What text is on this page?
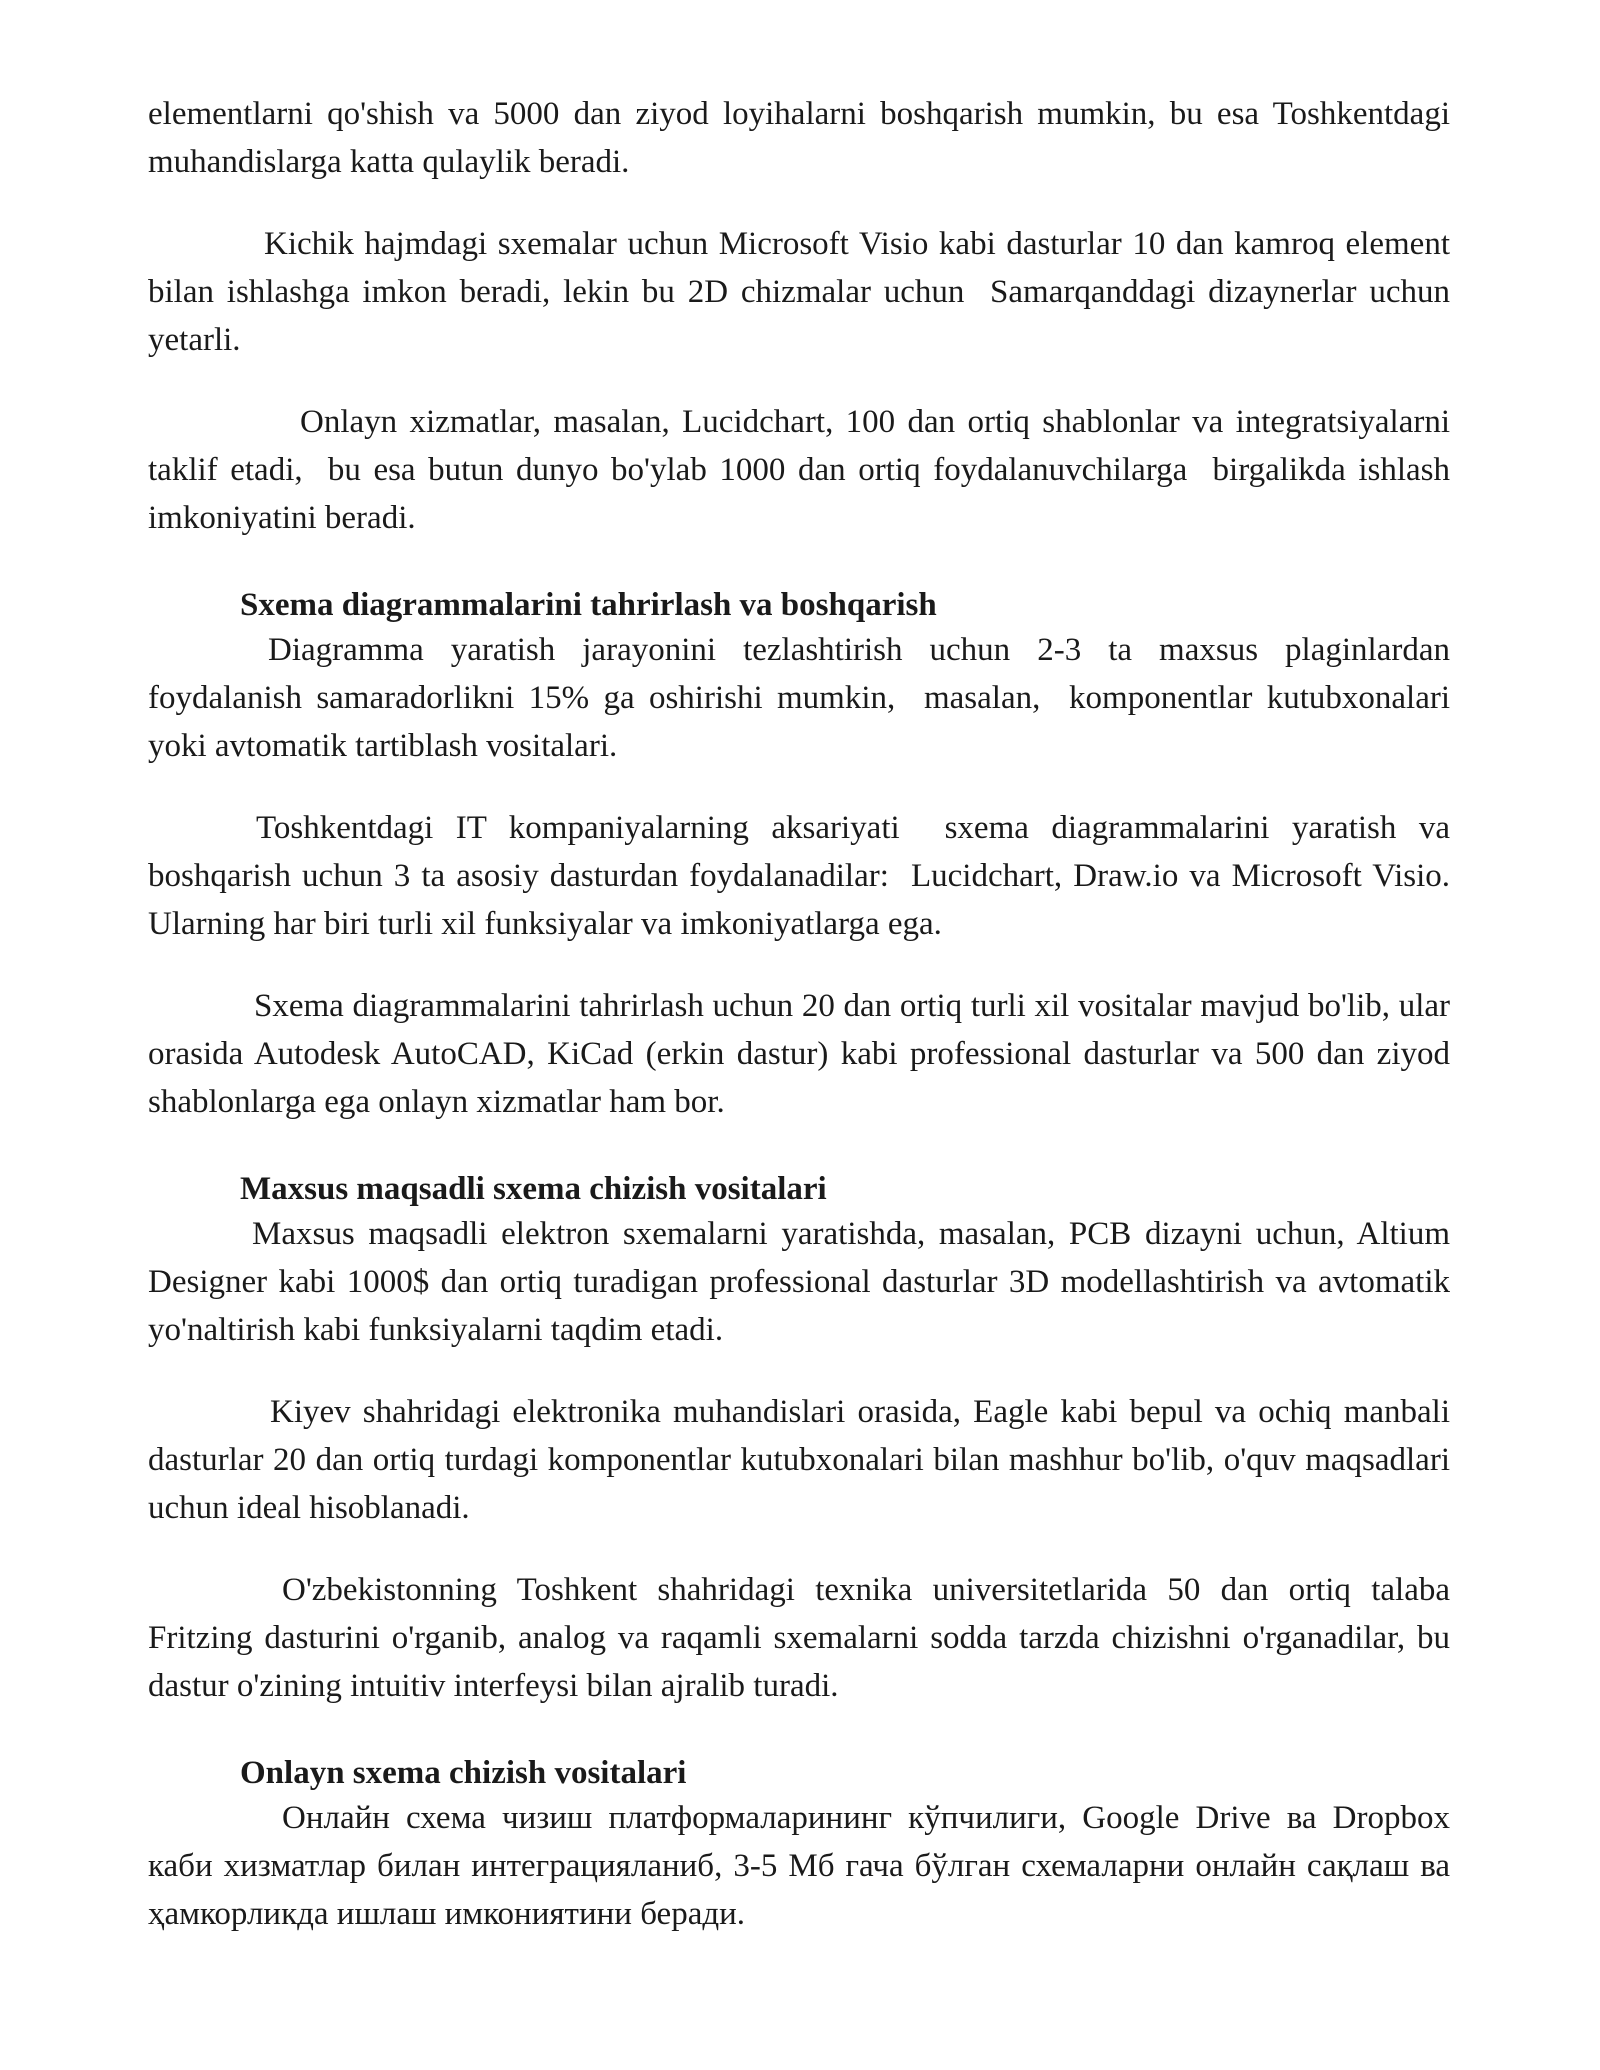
elementlarni qo'shish va 5000 dan ziyod loyihalarni boshqarish mumkin, bu esa Toshkentdagi muhandislarga katta qulaylik beradi.

Kichik hajmdagi sxemalar uchun Microsoft Visio kabi dasturlar 10 dan kamroq element bilan ishlashga imkon beradi, lekin bu 2D chizmalar uchun  Samarqanddagi dizaynerlar uchun yetarli.

Onlayn xizmatlar, masalan, Lucidchart, 100 dan ortiq shablonlar va integratsiyalarni taklif etadi,  bu esa butun dunyo bo'ylab 1000 dan ortiq foydalanuvchilarga  birgalikda ishlash imkoniyatini beradi.

Sxema diagrammalarini tahrirlash va boshqarish

Diagramma yaratish jarayonini tezlashtirish uchun 2-3 ta maxsus plaginlardan foydalanish samaradorlikni 15% ga oshirishi mumkin,  masalan,  komponentlar kutubxonalari yoki avtomatik tartiblash vositalari.

Toshkentdagi IT kompaniyalarning aksariyati  sxema diagrammalarini yaratish va boshqarish uchun 3 ta asosiy dasturdan foydalanadilar:  Lucidchart, Draw.io va Microsoft Visio.  Ularning har biri turli xil funksiyalar va imkoniyatlarga ega.

Sxema diagrammalarini tahrirlash uchun 20 dan ortiq turli xil vositalar mavjud bo'lib, ular orasida Autodesk AutoCAD, KiCad (erkin dastur) kabi professional dasturlar va 500 dan ziyod shablonlarga ega onlayn xizmatlar ham bor.

Maxsus maqsadli sxema chizish vositalari

Maxsus maqsadli elektron sxemalarni yaratishda, masalan, PCB dizayni uchun, Altium Designer kabi 1000$ dan ortiq turadigan professional dasturlar 3D modellashtirish va avtomatik yo'naltirish kabi funksiyalarni taqdim etadi.

Kiyev shahridagi elektronika muhandislari orasida, Eagle kabi bepul va ochiq manbali dasturlar 20 dan ortiq turdagi komponentlar kutubxonalari bilan mashhur bo'lib, o'quv maqsadlari uchun ideal hisoblanadi.

O'zbekistonning Toshkent shahridagi texnika universitetlarida 50 dan ortiq talaba Fritzing dasturini o'rganib, analog va raqamli sxemalarni sodda tarzda chizishni o'rganadilar, bu dastur o'zining intuitiv interfeysi bilan ajralib turadi.

Onlayn sxema chizish vositalari

Онлайн схема чизиш платформаларининг кўпчилиги, Google Drive ва Dropbox каби хизматлар билан интеграцияланиб, 3-5 Мб гача бўлган схемаларни онлайн сақлаш ва ҳамкорликда ишлаш имкониятини беради.
